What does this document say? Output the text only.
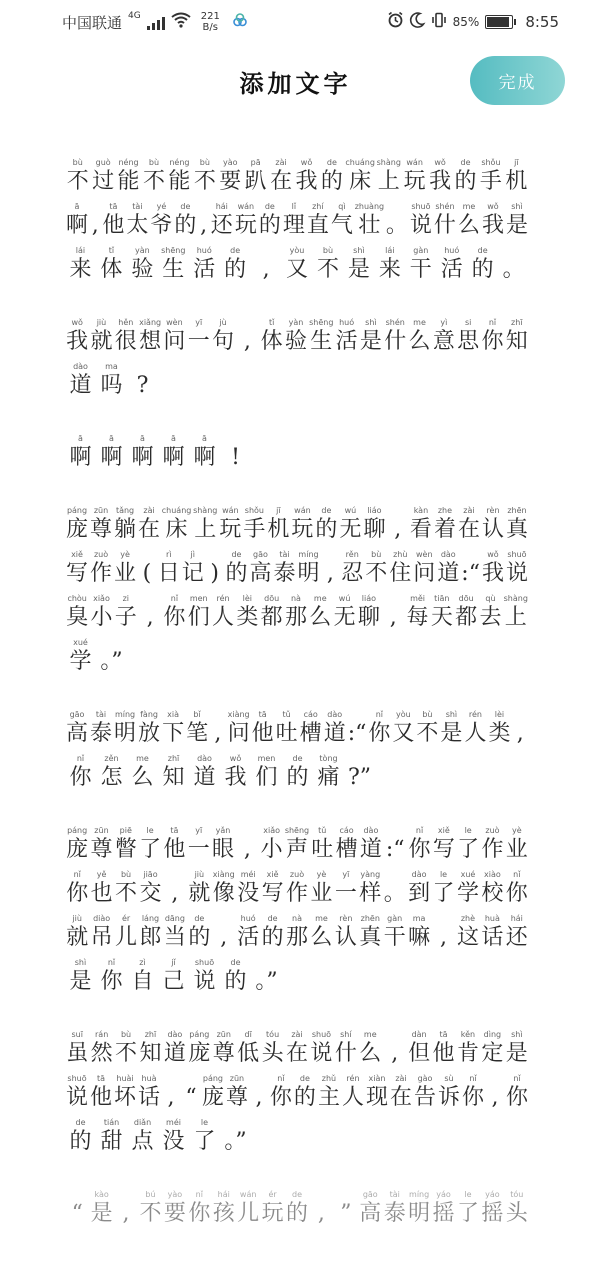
中国联通 4G	221
B/s	85%	8:55
添加文字	完成
bù
不
guò
过
néng
能
bù
不
néng
能
bù
不
yào
要
pā
趴
zài
在
wǒ
我
de
的
chuáng
床
shàng
上
wán
玩
wǒ
我
de
的
shǒu
手
jī
机
ā
啊 ,
tā
他
tài
太
yé
爷
de
的 ,
hái
还
wán
玩
de
的
lǐ
理
zhí
直
qì
气
zhuàng
壮 。
shuō
说
shén
什
me
么
wǒ
我
shì
是
lái
来
tǐ
体
yàn
验
shēng
生
huó
活
de
的 ,
yòu
又
bù
不
shì
是
lái
来
gàn
干
huó
活
de
的 。
wǒ
我
jiù
就
hěn
很
xiǎng
想
wèn
问
yī
一
jù
句 ,
tǐ
体
yàn
验
shēng
生
huó
活
shì
是
shén
什
me
么
yì
意
si
思
nǐ
你
zhī
知
dào
道
ma
吗 ?
ā
啊
ā
啊
ā
啊
ā
啊
ā
啊 !
páng
庞
zūn
尊
tǎng
躺
zài
在
chuáng
床
shàng
上
wán
玩
shǒu
手
jī
机
wán
玩
de
的
wú
无
liáo
聊 ,
kàn
看
zhe
着
zài
在
rèn
认
zhēn
真
xiě
写
zuò
作
yè
业 (
rì
日
jì
记 )
de
的
gāo
高
tài
泰
míng
明 ,
rěn
忍
bù
不
zhù
住
wèn
问
dào
道 :“
wǒ
我
shuō
说
chòu
臭
xiǎo
小
zi
子 ,
nǐ
你
men
们
rén
人
lèi
类
dōu
都
nà
那
me
么
wú
无
liáo
聊 ,
měi
每
tiān
天
dōu
都
qù
去
shàng
上
xué
学 。”
gāo
高
tài
泰
míng
明
fàng
放
xià
下
bǐ
笔 ,
xiàng
问
tā
他
tǔ
吐
cáo
槽
dào
道 :“
nǐ
你
yòu
又
bù
不
shì
是
rén
人
lèi
类 ,
nǐ
你
zěn
怎
me
么
zhī
知
dào
道
wǒ
我
men
们
de
的
tòng
痛 ?”
páng
庞
zūn
尊
piē
瞥
le
了
tā
他
yī
一
yǎn
眼 ,
xiǎo
小
shēng
声
tǔ
吐
cáo
槽
dào
道 :“
nǐ
你
xiě
写
le
了
zuò
作
yè
业
nǐ
你
yě
也
bù
不
jiāo
交 ,
jiù
就
xiàng
像
méi
没
xiě
写
zuò
作
yè
业
yī
一
yàng
样 。
dào
到
le
了
xué
学
xiào
校
nǐ
你
jiù
就
diào
吊
ér
儿
láng
郎
dāng
当
de
的 ,
huó
活
de
的
nà
那
me
么
rèn
认
zhēn
真
gàn
干
ma
嘛 ,
zhè
这
huà
话
hái
还
shì
是
nǐ
你
zì
自
jǐ
己
shuō
说
de
的 。”
suī
虽
rán
然
bù
不
zhī
知
dào
道
páng
庞
zūn
尊
dī
低
tóu
头
zài
在
shuō
说
shí
什
me
么 ,
dàn
但
tā
他
kěn
肯
dìng
定
shì
是
shuō
说
tā
他
huài
坏
huà
话 , “
páng
庞
zūn
尊 ,
nǐ
你
de
的
zhǔ
主
rén
人
xiàn
现
zài
在
gào
告
sù
诉
nǐ
你 ,
nǐ
你
de
的
tián
甜
diǎn
点
méi
没
le
了 。”
“
kào
是 ,
bú
不
yào
要
nǐ
你
hái
孩
wán
儿
ér
玩
de
的 , ”
gāo
高
tài
泰
míng
明
yáo
摇
le
了
yáo
摇
tóu
头
